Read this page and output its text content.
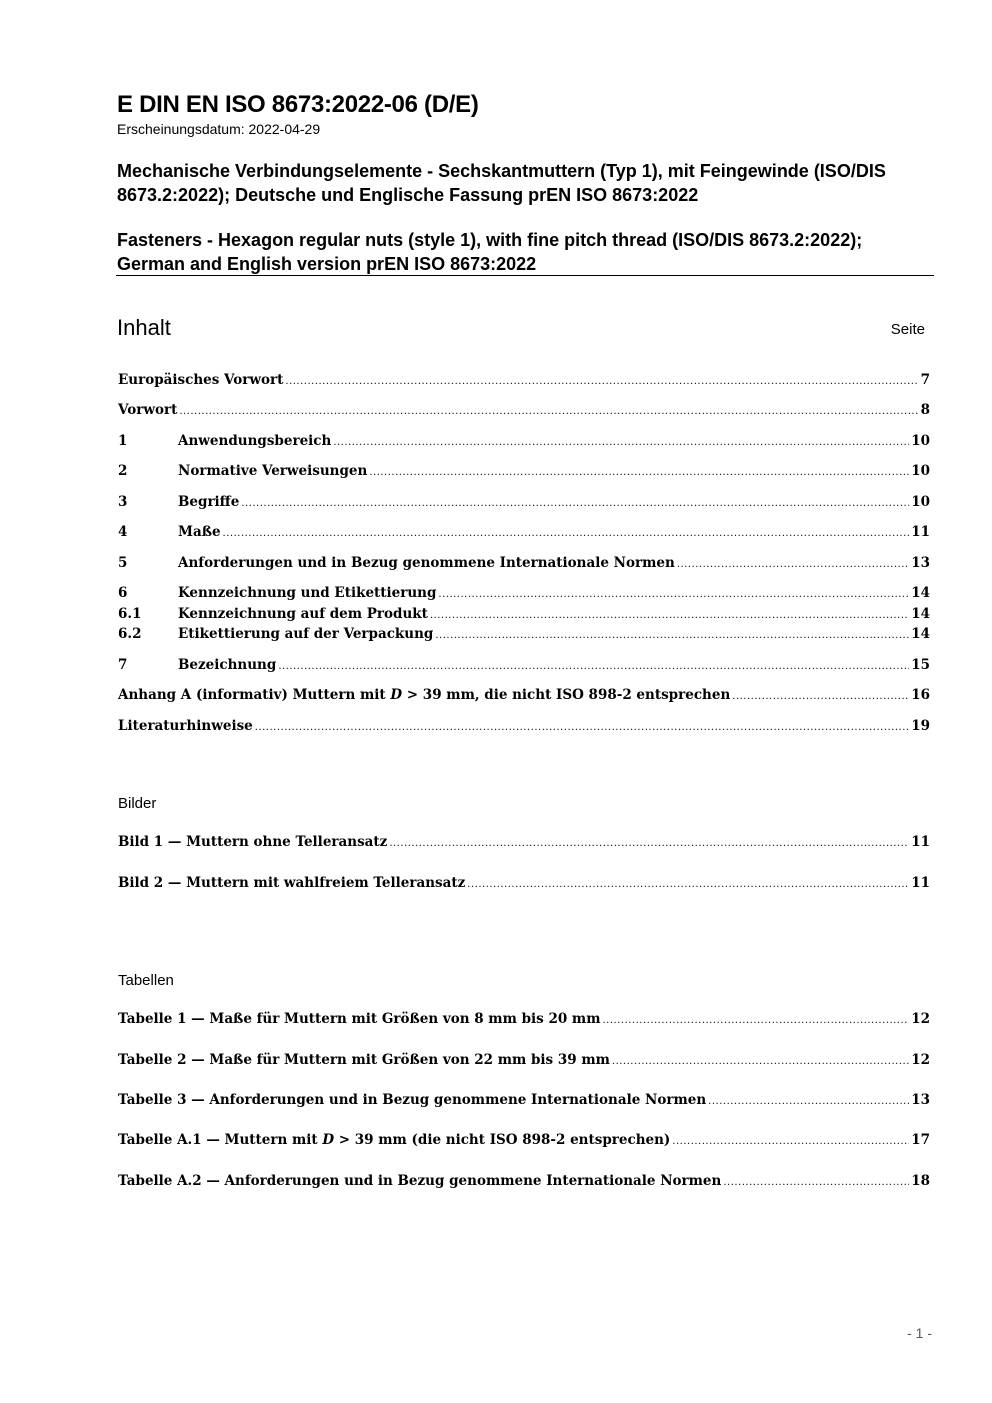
E DIN EN ISO 8673:2022-06 (D/E)
Erscheinungsdatum: 2022-04-29
Mechanische Verbindungselemente - Sechskantmuttern (Typ 1), mit Feingewinde (ISO/DIS 8673.2:2022); Deutsche und Englische Fassung prEN ISO 8673:2022
Fasteners - Hexagon regular nuts (style 1), with fine pitch thread (ISO/DIS 8673.2:2022); German and English version prEN ISO 8673:2022
Inhalt	Seite
Europäisches Vorwort .....	7
Vorwort .....	8
1	Anwendungsbereich .....	10
2	Normative Verweisungen .....	10
3	Begriffe .....	10
4	Maße .....	11
5	Anforderungen und in Bezug genommene Internationale Normen .....	13
6	Kennzeichnung und Etikettierung .....	14
6.1	Kennzeichnung auf dem Produkt .....	14
6.2	Etikettierung auf der Verpackung .....	14
7	Bezeichnung .....	15
Anhang A (informativ) Muttern mit D > 39 mm, die nicht ISO 898-2 entsprechen .....	16
Literaturhinweise .....	19
Bilder
Bild 1 — Muttern ohne Telleransatz .....	11
Bild 2 — Muttern mit wahlfreiem Telleransatz .....	11
Tabellen
Tabelle 1 — Maße für Muttern mit Größen von 8 mm bis 20 mm .....	12
Tabelle 2 — Maße für Muttern mit Größen von 22 mm bis 39 mm .....	12
Tabelle 3 — Anforderungen und in Bezug genommene Internationale Normen .....	13
Tabelle A.1 — Muttern mit D > 39 mm (die nicht ISO 898-2 entsprechen) .....	17
Tabelle A.2 — Anforderungen und in Bezug genommene Internationale Normen .....	18
- 1 -
